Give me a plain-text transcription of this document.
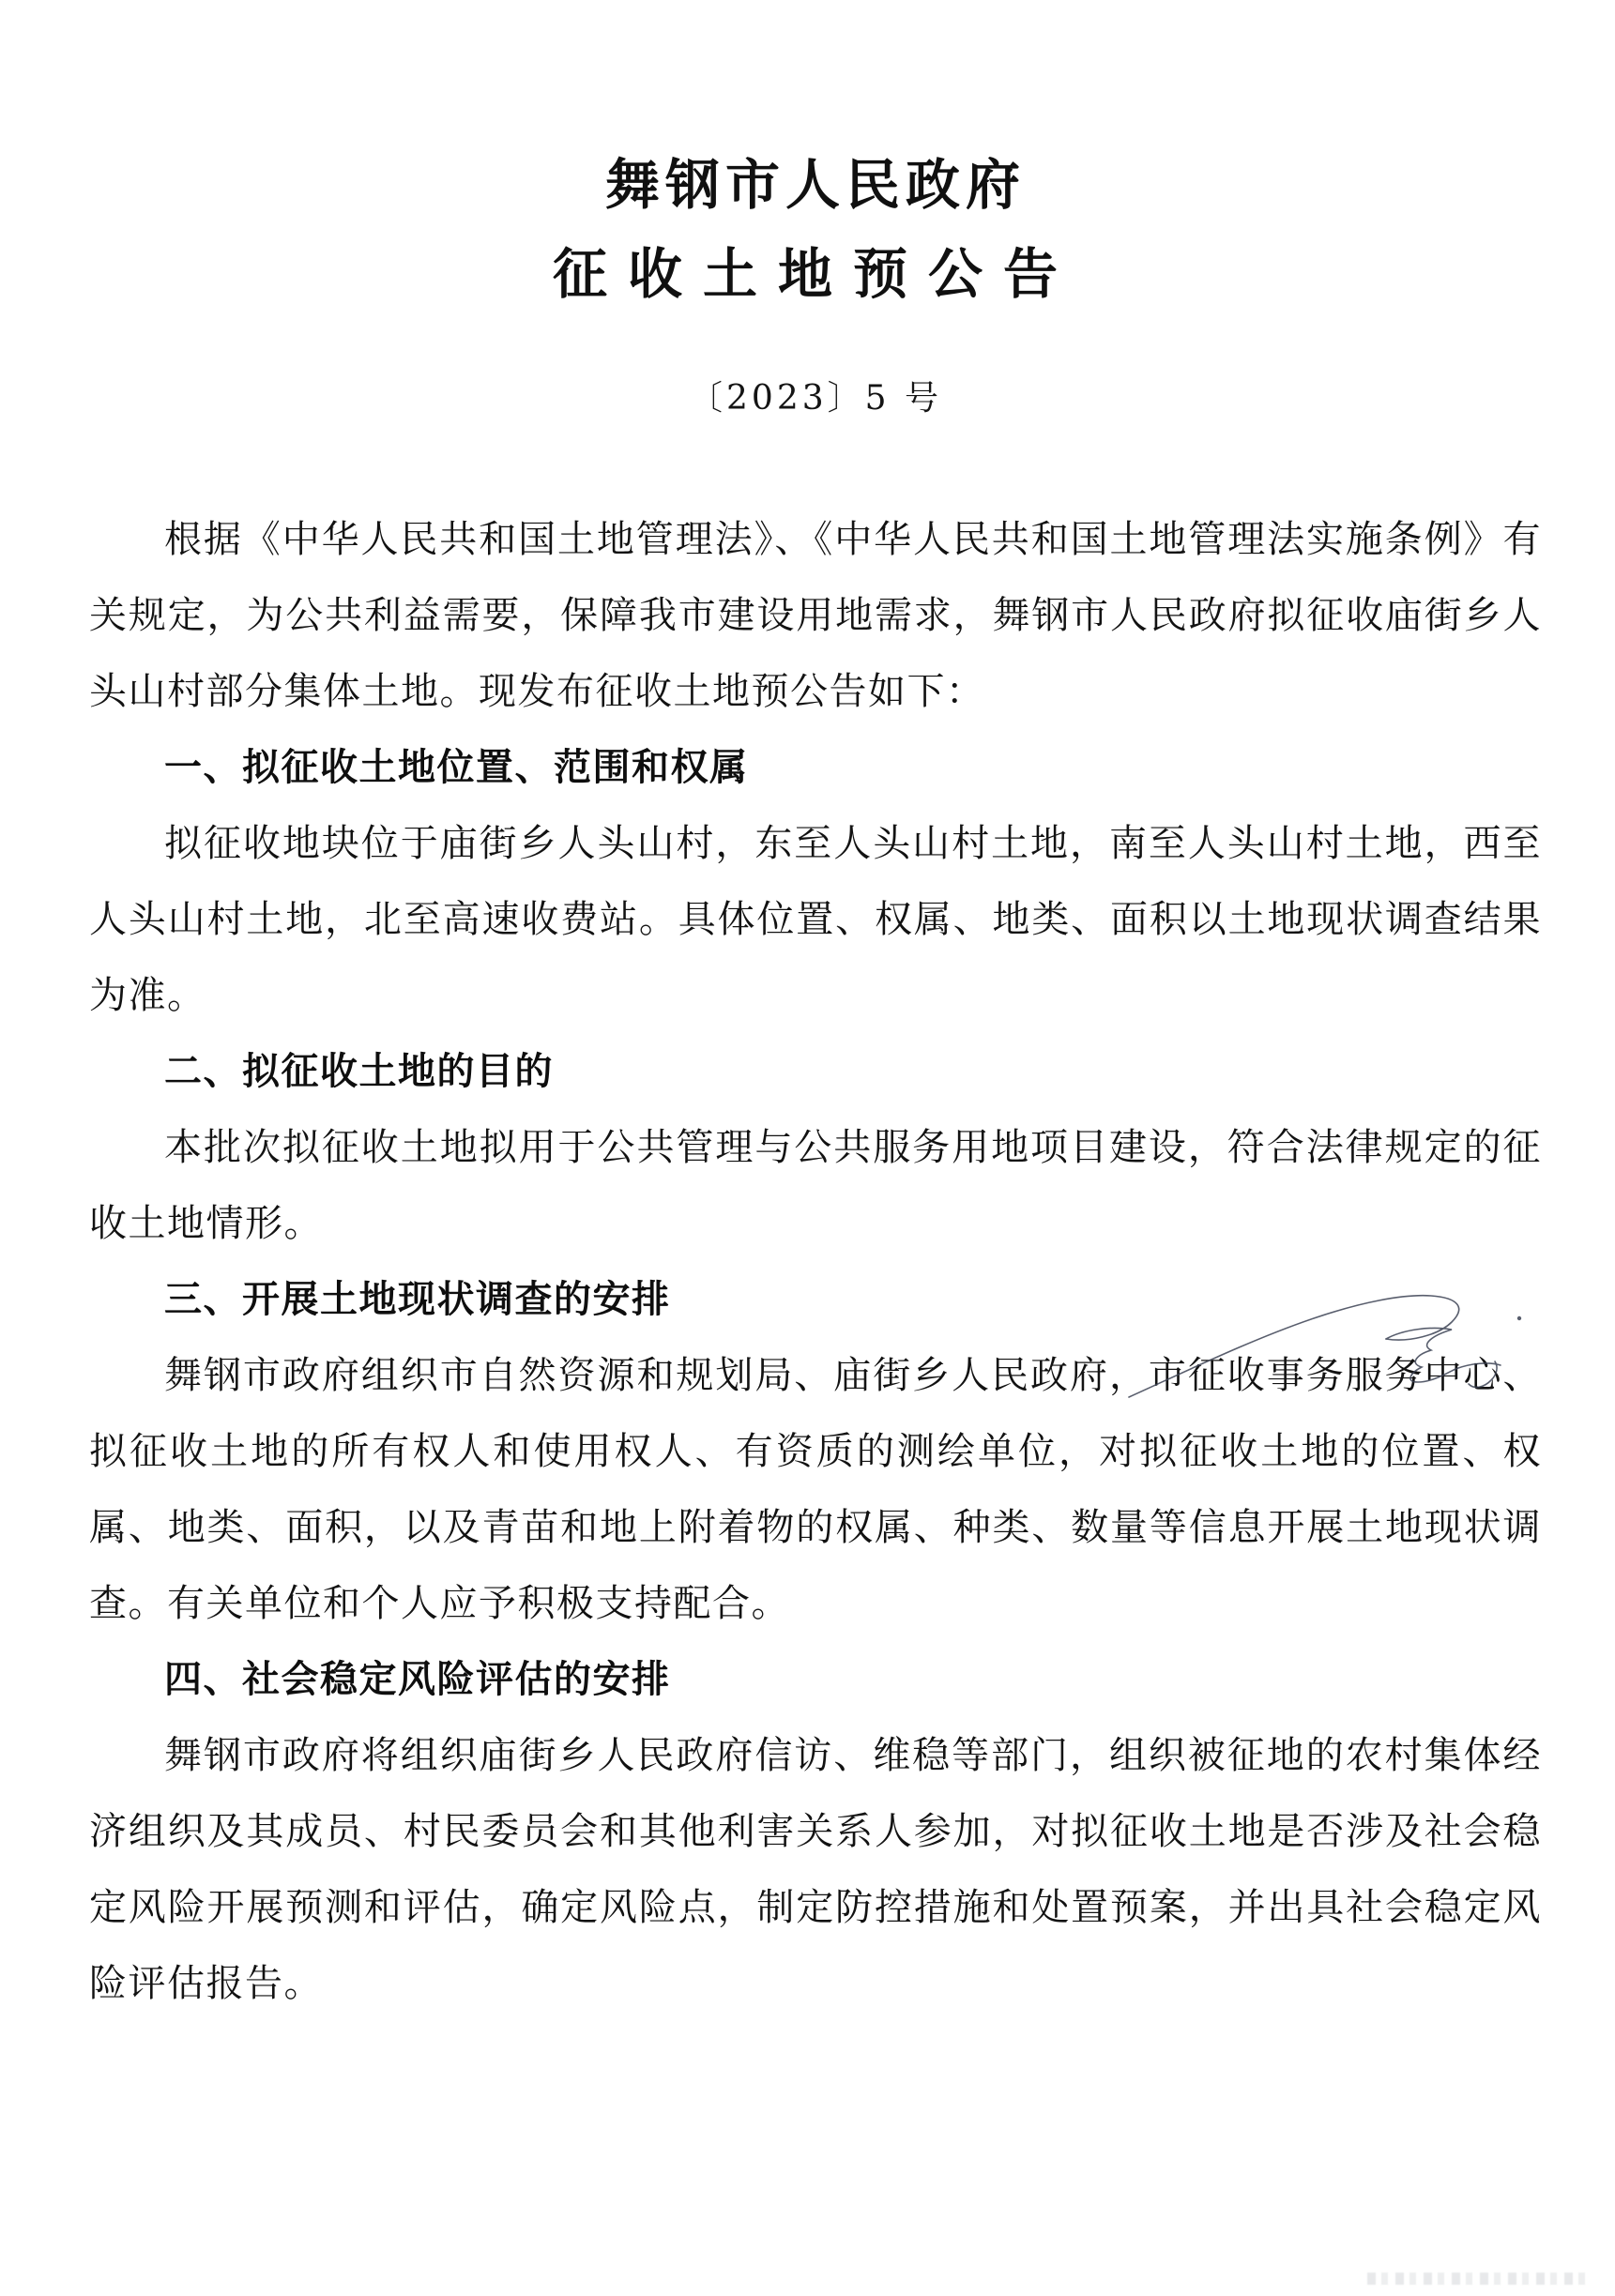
舞钢市人民政府
征收土地预公告
〔2023〕5 号

根据《中华人民共和国土地管理法》、《中华人民共和国土地管理法实施条例》有关规定，为公共利益需要，保障我市建设用地需求，舞钢市人民政府拟征收庙街乡人头山村部分集体土地。现发布征收土地预公告如下：

一、拟征收土地位置、范围和权属

拟征收地块位于庙街乡人头山村，东至人头山村土地，南至人头山村土地，西至人头山村土地，北至高速收费站。具体位置、权属、地类、面积以土地现状调查结果为准。

二、拟征收土地的目的

本批次拟征收土地拟用于公共管理与公共服务用地项目建设，符合法律规定的征收土地情形。

三、开展土地现状调查的安排

舞钢市政府组织市自然资源和规划局、庙街乡人民政府，市征收事务服务中心、拟征收土地的所有权人和使用权人、有资质的测绘单位，对拟征收土地的位置、权属、地类、面积，以及青苗和地上附着物的权属、种类、数量等信息开展土地现状调查。有关单位和个人应予积极支持配合。

四、社会稳定风险评估的安排

舞钢市政府将组织庙街乡人民政府信访、维稳等部门，组织被征地的农村集体经济组织及其成员、村民委员会和其他利害关系人参加，对拟征收土地是否涉及社会稳定风险开展预测和评估，确定风险点，制定防控措施和处置预案，并出具社会稳定风险评估报告。
